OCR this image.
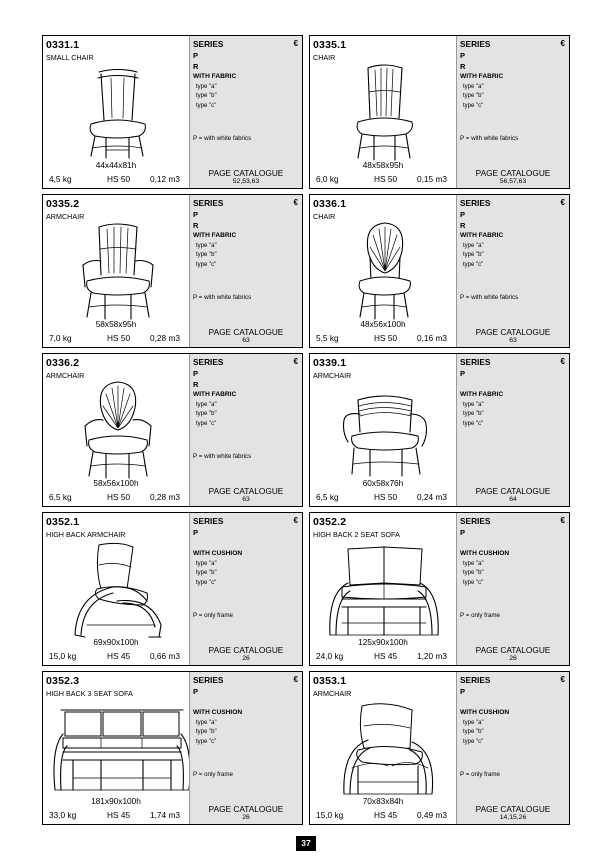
0331.1
SMALL CHAIR
44x44x81h
4,5 kg	HS 50 0,12 m3
SERIES	€
P
R
WITH FABRIC
type "a"
type "b"
type "c"
P = with white fabrics
PAGE CATALOGUE
52,53,63
0335.1
CHAIR
48x58x95h
6,0 kg	HS 50 0,15 m3
SERIES	€
P
R
WITH FABRIC
type "a"
type "b"
type "c"
P = with white fabrics
PAGE CATALOGUE
56,57,63
0335.2
ARMCHAIR
58x58x95h
7,0 kg	HS 50 0,28 m3
SERIES	€
P
R
WITH FABRIC
type "a"
type "b"
type "c"
P = with white fabrics
PAGE CATALOGUE
63
0336.1
CHAIR
48x56x100h
5,5 kg	HS 50 0,16 m3
SERIES	€
P
R
WITH FABRIC
type "a"
type "b"
type "c"
P = with white fabrics
PAGE CATALOGUE
63
0336.2
ARMCHAIR
58x56x100h
6,5 kg	HS 50 0,28 m3
SERIES	€
P
R
WITH FABRIC
type "a"
type "b"
type "c"
P = with white fabrics
PAGE CATALOGUE
63
0339.1
ARMCHAIR
60x58x76h
6,5 kg	HS 50 0,24 m3
SERIES	€
P
WITH FABRIC
type "a"
type "b"
type "c"
PAGE CATALOGUE
64
0352.1
HIGH BACK ARMCHAIR
69x90x100h
15,0 kg	HS 45 0,66 m3
SERIES	€
P
WITH CUSHION
type "a"
type "b"
type "c"
P = only frame
PAGE CATALOGUE
26
0352.2
HIGH BACK 2 SEAT SOFA
125x90x100h
24,0 kg	HS 45 1,20 m3
SERIES	€
P
WITH CUSHION
type "a"
type "b"
type "c"
P = only frame
PAGE CATALOGUE
26
0352.3
HIGH BACK 3 SEAT SOFA
181x90x100h
33,0 kg	HS 45 1,74 m3
SERIES	€
P
WITH CUSHION
type "a"
type "b"
type "c"
P = only frame
PAGE CATALOGUE
26
0353.1
ARMCHAIR
70x83x84h
15,0 kg	HS 45 0,49 m3
SERIES	€
P
WITH CUSHION
type "a"
type "b"
type "c"
P = only frame
PAGE CATALOGUE
14,15,26
37
